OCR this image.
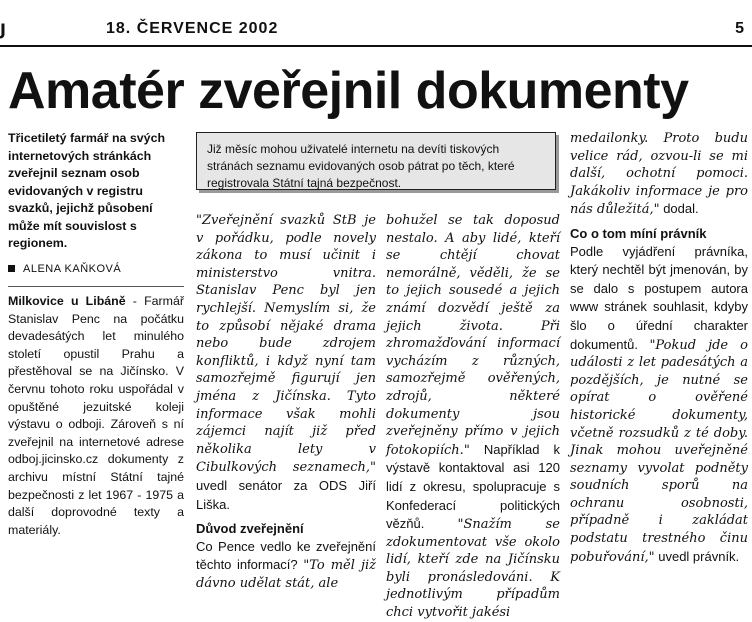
J	18. ČERVENCE 2002	5
Amatér zveřejnil dokumenty
Třicetiletý farmář na svých internetových stránkách zveřejnil seznam osob evidovaných v registru svazků, jejichž působení může mít souvislost s regionem.
ALENA KAŇKOVÁ
Milkovice u Libáně - Farmář Stanislav Penc na počátku devadesátých let minulého století opustil Prahu a přestěhoval se na Jičínsko. V červnu tohoto roku uspořádal v opuštěné jezuitské koleji výstavu o odboji. Zároveň s ní zveřejnil na internetové adrese odboj.jicinsko.cz dokumenty z archivu místní Státní tajné bezpečnosti z let 1967 - 1975 a další doprovodné texty a materiály.
Již měsíc mohou uživatelé internetu na devíti tiskových stránách seznamu evidovaných osob pátrat po těch, které registrovala Státní tajná bezpečnost.
"Zveřejnění svazků StB je v pořádku, podle novely zákona to musí učinit i ministerstvo vnitra. Stanislav Penc byl jen rychlejší. Nemyslím si, že to způsobí nějaké drama nebo bude zdrojem konfliktů, i když nyní tam samozřejmě figurují jen jména z Jičínska. Tyto informace však mohli zájemci najít již před několika lety v Cibulkových seznamech," uvedl senátor za ODS Jiří Liška.
Důvod zveřejnění
Co Pence vedlo ke zveřejnění těchto informací? "To měl již dávno udělat stát, ale
bohužel se tak doposud nestalo. A aby lidé, kteří se chtějí chovat nemorálně, věděli, že se to jejich sousedé a jejich známí dozvědí ještě za jejich života. Při zhromažďování informací vycházím z různých, samozřejmě ověřených, zdrojů, některé dokumenty jsou zveřejněny přímo v jejich fotokopiích." Například k výstavě kontaktoval asi 120 lidí z okresu, spolupracuje s Konfederací politických vězňů. "Snažím se zdokumentovat vše okolo lidí, kteří zde na Jičínsku byli pronásledováni. K jednotlivým případům chci vytvořit jakési
medailonky. Proto budu velice rád, ozvou-li se mi další, ochotní pomoci. Jakákoliv informace je pro nás důležitá," dodal.
Co o tom míní právník
Podle vyjádření právníka, který nechtěl být jmenován, by se dalo s postupem autora www stránek souhlasit, kdyby šlo o úřední charakter dokumentů. "Pokud jde o události z let padesátých a pozdějších, je nutné se opírat o ověřené historické dokumenty, včetně rozsudků z té doby. Jinak mohou uveřejněné seznamy vyvolat podněty soudních sporů na ochranu osobnosti, případně i zakládat podstatu trestného činu pobuřování," uvedl právník.
